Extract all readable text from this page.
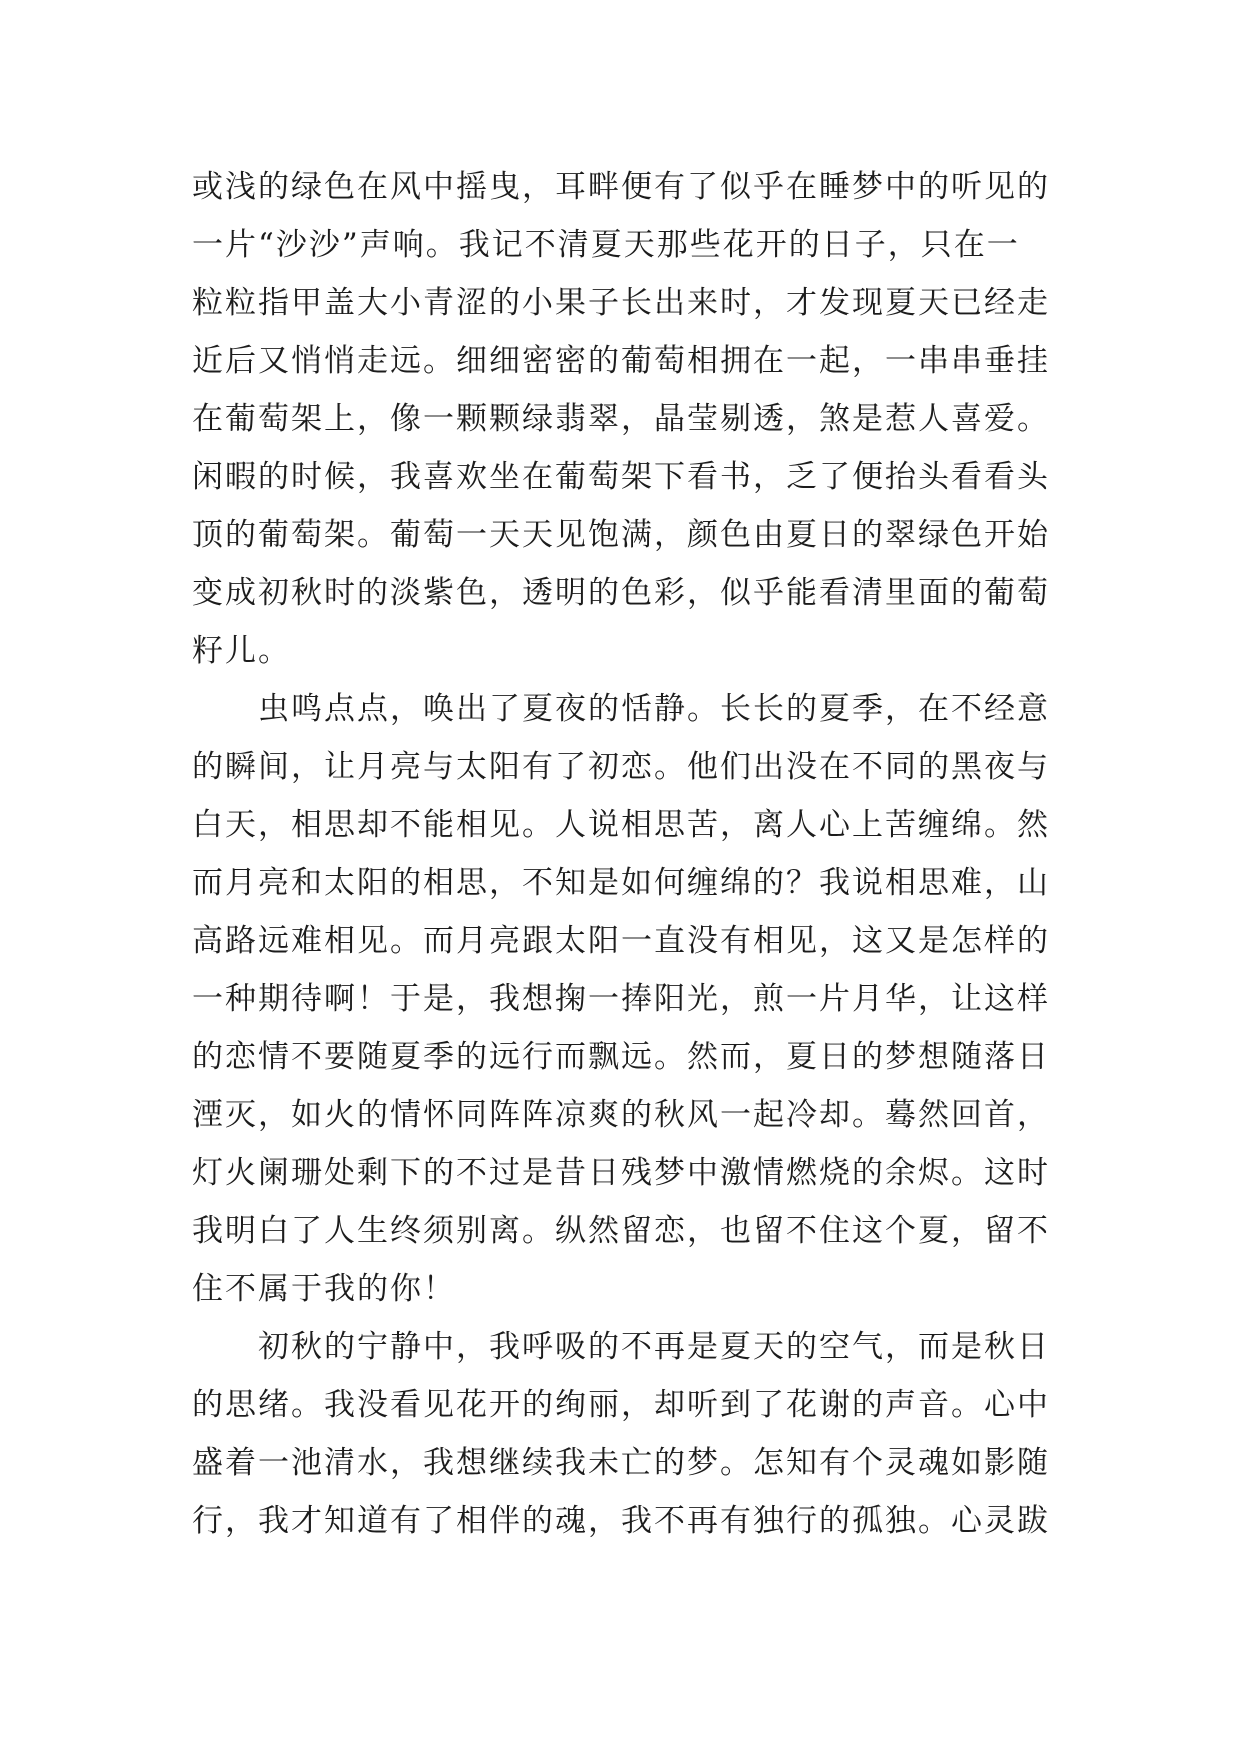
或浅的绿色在风中摇曳，耳畔便有了似乎在睡梦中的听见的
一片“沙沙”声响。我记不清夏天那些花开的日子，只在一
粒粒指甲盖大小青涩的小果子长出来时，才发现夏天已经走
近后又悄悄走远。细细密密的葡萄相拥在一起，一串串垂挂
在葡萄架上，像一颗颗绿翡翠，晶莹剔透，煞是惹人喜爱。
闲暇的时候，我喜欢坐在葡萄架下看书，乏了便抬头看看头
顶的葡萄架。葡萄一天天见饱满，颜色由夏日的翠绿色开始
变成初秋时的淡紫色，透明的色彩，似乎能看清里面的葡萄
籽儿。
虫鸣点点，唤出了夏夜的恬静。长长的夏季，在不经意
的瞬间，让月亮与太阳有了初恋。他们出没在不同的黑夜与
白天，相思却不能相见。人说相思苦，离人心上苦缠绵。然
而月亮和太阳的相思，不知是如何缠绵的？我说相思难，山
高路远难相见。而月亮跟太阳一直没有相见，这又是怎样的
一种期待啊！于是，我想掬一捧阳光，煎一片月华，让这样
的恋情不要随夏季的远行而飘远。然而，夏日的梦想随落日
湮灭，如火的情怀同阵阵凉爽的秋风一起冷却。蓦然回首，
灯火阑珊处剩下的不过是昔日残梦中激情燃烧的余烬。这时
我明白了人生终须别离。纵然留恋，也留不住这个夏，留不
住不属于我的你！
初秋的宁静中，我呼吸的不再是夏天的空气，而是秋日
的思绪。我没看见花开的绚丽，却听到了花谢的声音。心中
盛着一池清水，我想继续我未亡的梦。怎知有个灵魂如影随
行，我才知道有了相伴的魂，我不再有独行的孤独。心灵跋
